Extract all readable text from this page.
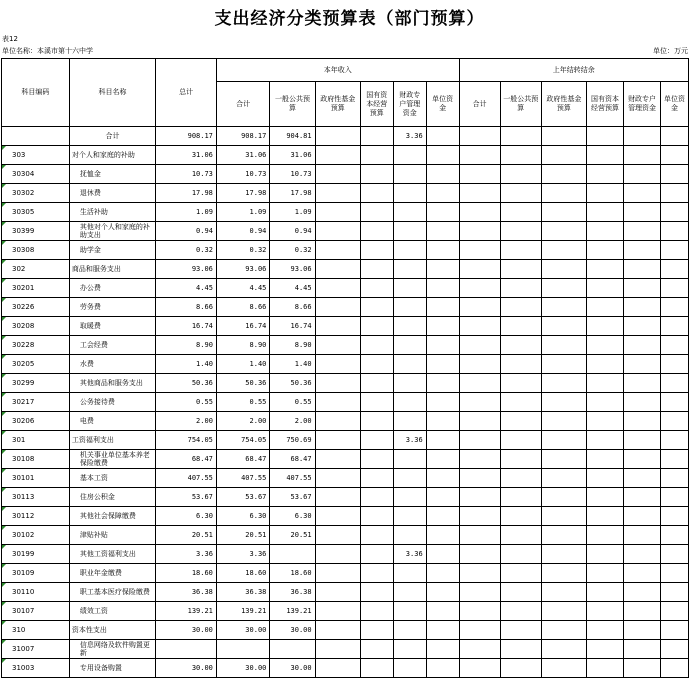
支出经济分类预算表（部门预算）
表12
单位名称：本溪市第十六中学	单位：万元
科目编码	科目名称	总计	本年收入						上年结转结余					
			合计	一般公共预算	政府性基金预算	国有资本经营预算	财政专户管理资金	单位资金	合计	一般公共预算	政府性基金预算	国有资本经营预算	财政专户管理资金	单位资金
	合计	908.17	908.17	904.81			3.36							
303	对个人和家庭的补助	31.06	31.06	31.06										
30304	抚恤金	10.73	10.73	10.73										
30302	退休费	17.98	17.98	17.98										
30305	生活补助	1.09	1.09	1.09										
30399	其他对个人和家庭的补助支出	0.94	0.94	0.94										
30308	助学金	0.32	0.32	0.32										
302	商品和服务支出	93.06	93.06	93.06										
30201	办公费	4.45	4.45	4.45										
30226	劳务费	8.66	8.66	8.66										
30208	取暖费	16.74	16.74	16.74										
30228	工会经费	8.90	8.90	8.90										
30205	水费	1.40	1.40	1.40										
30299	其他商品和服务支出	50.36	50.36	50.36										
30217	公务接待费	0.55	0.55	0.55										
30206	电费	2.00	2.00	2.00										
301	工资福利支出	754.05	754.05	750.69			3.36							
30108	机关事业单位基本养老保险缴费	68.47	68.47	68.47										
30101	基本工资	407.55	407.55	407.55										
30113	住房公积金	53.67	53.67	53.67										
30112	其他社会保障缴费	6.30	6.30	6.30										
30102	津贴补贴	20.51	20.51	20.51										
30199	其他工资福利支出	3.36	3.36				3.36							
30109	职业年金缴费	18.60	18.60	18.60										
30110	职工基本医疗保险缴费	36.38	36.38	36.38										
30107	绩效工资	139.21	139.21	139.21										
310	资本性支出	30.00	30.00	30.00										
31007	信息网络及软件购置更新													
31003	专用设备购置	30.00	30.00	30.00										
